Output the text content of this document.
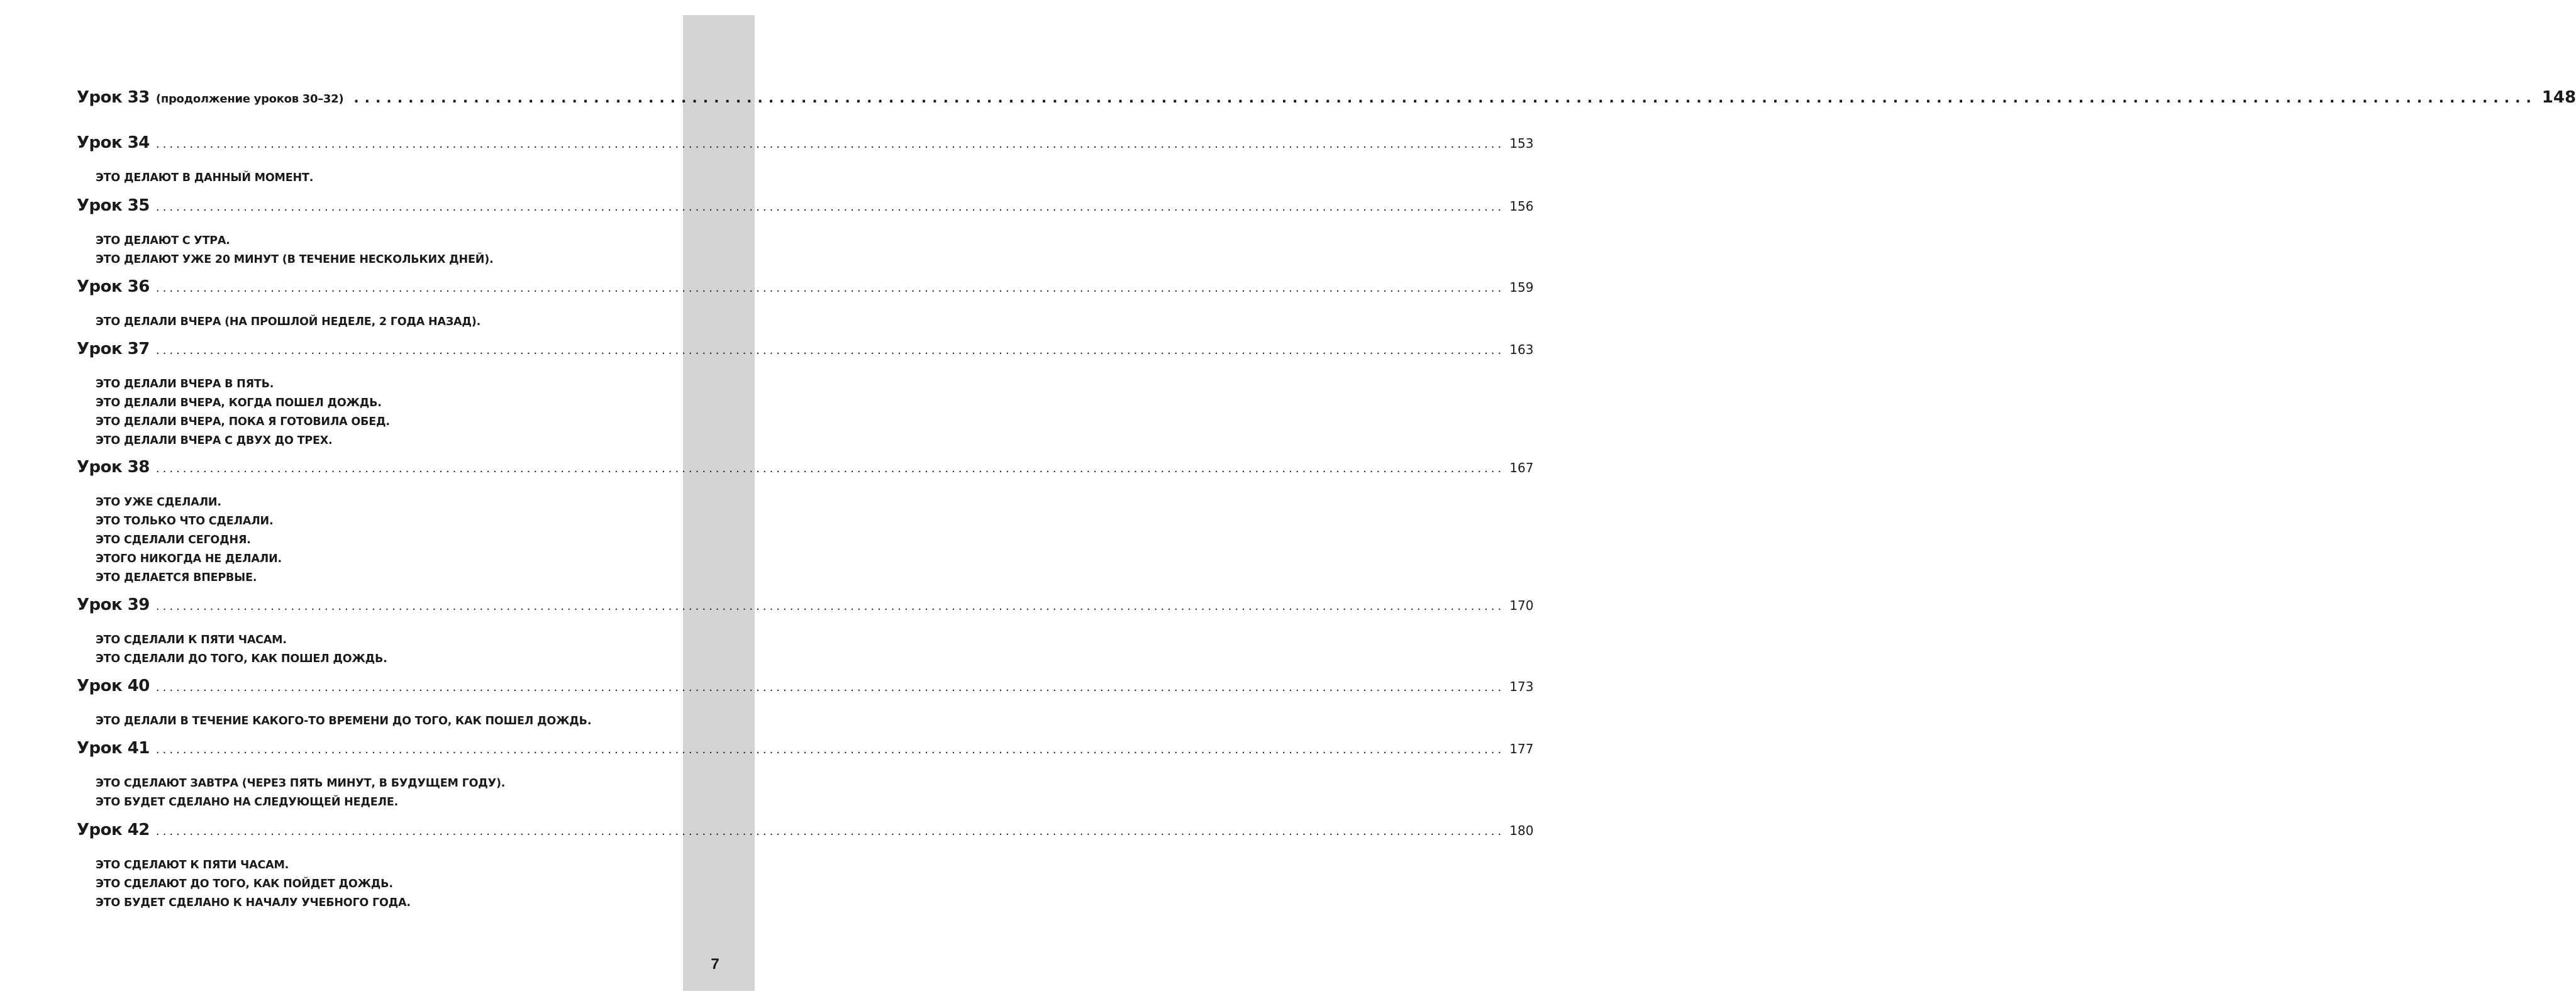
7
Урок 33 (продолжение уроков 30–32) ........................................................................................................................................................................................................ 148
Урок 34 ........................................................................................................................................................................................................ 153
ЭТО ДЕЛАЮТ В ДАННЫЙ МОМЕНТ.
Урок 35 ........................................................................................................................................................................................................ 156
ЭТО ДЕЛАЮТ С УТРА.
ЭТО ДЕЛАЮТ УЖЕ 20 МИНУТ (В ТЕЧЕНИЕ НЕСКОЛЬКИХ ДНЕЙ).
Урок 36 ........................................................................................................................................................................................................ 159
ЭТО ДЕЛАЛИ ВЧЕРА (НА ПРОШЛОЙ НЕДЕЛЕ, 2 ГОДА НАЗАД).
Урок 37 ........................................................................................................................................................................................................ 163
ЭТО ДЕЛАЛИ ВЧЕРА В ПЯТЬ.
ЭТО ДЕЛАЛИ ВЧЕРА, КОГДА ПОШЕЛ ДОЖДЬ.
ЭТО ДЕЛАЛИ ВЧЕРА, ПОКА Я ГОТОВИЛА ОБЕД.
ЭТО ДЕЛАЛИ ВЧЕРА С ДВУХ ДО ТРЕХ.
Урок 38 ........................................................................................................................................................................................................ 167
ЭТО УЖЕ СДЕЛАЛИ.
ЭТО ТОЛЬКО ЧТО СДЕЛАЛИ.
ЭТО СДЕЛАЛИ СЕГОДНЯ.
ЭТОГО НИКОГДА НЕ ДЕЛАЛИ.
ЭТО ДЕЛАЕТСЯ ВПЕРВЫЕ.
Урок 39 ........................................................................................................................................................................................................ 170
ЭТО СДЕЛАЛИ К ПЯТИ ЧАСАМ.
ЭТО СДЕЛАЛИ ДО ТОГО, КАК ПОШЕЛ ДОЖДЬ.
Урок 40 ........................................................................................................................................................................................................ 173
ЭТО ДЕЛАЛИ В ТЕЧЕНИЕ КАКОГО-ТО ВРЕМЕНИ ДО ТОГО, КАК ПОШЕЛ ДОЖДЬ.
Урок 41 ........................................................................................................................................................................................................ 177
ЭТО СДЕЛАЮТ ЗАВТРА (ЧЕРЕЗ ПЯТЬ МИНУТ, В БУДУЩЕМ ГОДУ).
ЭТО БУДЕТ СДЕЛАНО НА СЛЕДУЮЩЕЙ НЕДЕЛЕ.
Урок 42 ........................................................................................................................................................................................................ 180
ЭТО СДЕЛАЮТ К ПЯТИ ЧАСАМ.
ЭТО СДЕЛАЮТ ДО ТОГО, КАК ПОЙДЕТ ДОЖДЬ.
ЭТО БУДЕТ СДЕЛАНО К НАЧАЛУ УЧЕБНОГО ГОДА.
